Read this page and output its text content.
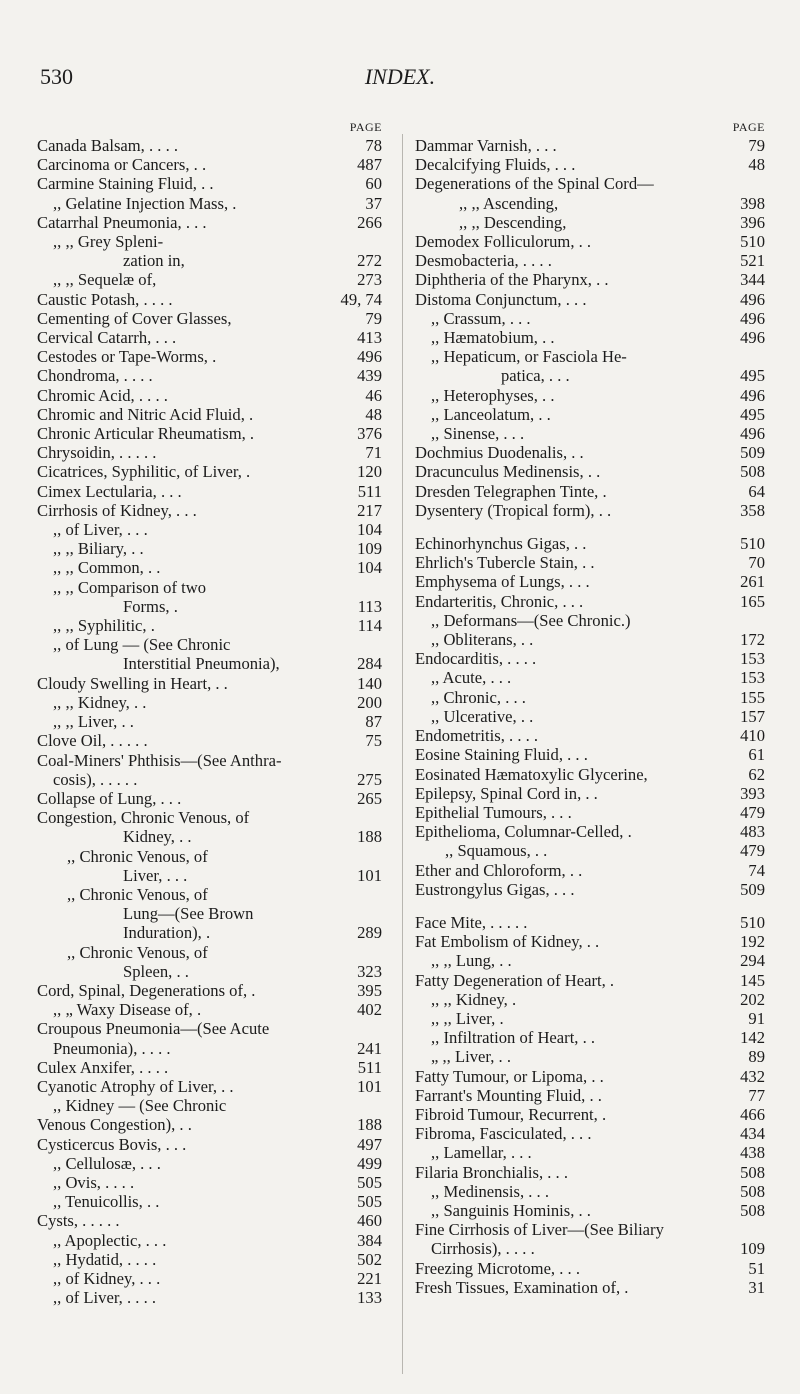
530	INDEX.
PAGE
Canada Balsam, . . . .	78
Carcinoma or Cancers, . .	487
Carmine Staining Fluid, . .	60
,, Gelatine Injection Mass, .	37
Catarrhal Pneumonia, . . .	266
,, ,, Grey Spleni-
zation in,	272
,, ,, Sequelæ of,	273
Caustic Potash, . . . .	49, 74
Cementing of Cover Glasses,	79
Cervical Catarrh, . . .	413
Cestodes or Tape-Worms, .	496
Chondroma, . . . .	439
Chromic Acid, . . . .	46
Chromic and Nitric Acid Fluid, .	48
Chronic Articular Rheumatism, .	376
Chrysoidin, . . . . .	71
Cicatrices, Syphilitic, of Liver, .	120
Cimex Lectularia, . . .	511
Cirrhosis of Kidney, . . .	217
,, of Liver, . . .	104
,, ,, Biliary, . .	109
,, ,, Common, . .	104
,, ,, Comparison of two
Forms, .	113
,, ,, Syphilitic, .	114
,, of Lung — (See Chronic
Interstitial Pneumonia),	284
Cloudy Swelling in Heart, . .	140
,, ,, Kidney, . .	200
,, ,, Liver, . .	87
Clove Oil, . . . . .	75
Coal-Miners' Phthisis—(See Anthra-
cosis), . . . . .	275
Collapse of Lung, . . .	265
Congestion, Chronic Venous, of
Kidney, . .	188
,, Chronic Venous, of
Liver, . . .	101
,, Chronic Venous, of
Lung—(See Brown
Induration), .	289
,, Chronic Venous, of
Spleen, . .	323
Cord, Spinal, Degenerations of, .	395
,, „ Waxy Disease of, .	402
Croupous Pneumonia—(See Acute
Pneumonia), . . . .	241
Culex Anxifer, . . . .	511
Cyanotic Atrophy of Liver, . .	101
,, Kidney — (See Chronic
Venous Congestion), . .	188
Cysticercus Bovis, . . .	497
,, Cellulosæ, . . .	499
,, Ovis, . . . .	505
,, Tenuicollis, . .	505
Cysts, . . . . .	460
,, Apoplectic, . . .	384
,, Hydatid, . . . .	502
,, of Kidney, . . .	221
,, of Liver, . . . .	133
PAGE
Dammar Varnish, . . .	79
Decalcifying Fluids, . . .	48
Degenerations of the Spinal Cord—
,, ,, Ascending,	398
,, ,, Descending,	396
Demodex Folliculorum, . .	510
Desmobacteria, . . . .	521
Diphtheria of the Pharynx, . .	344
Distoma Conjunctum, . . .	496
,, Crassum, . . .	496
,, Hæmatobium, . .	496
,, Hepaticum, or Fasciola He-
patica, . . .	495
,, Heterophyses, . .	496
,, Lanceolatum, . .	495
,, Sinense, . . .	496
Dochmius Duodenalis, . .	509
Dracunculus Medinensis, . .	508
Dresden Telegraphen Tinte, .	64
Dysentery (Tropical form), . .	358
Echinorhynchus Gigas, . .	510
Ehrlich's Tubercle Stain, . .	70
Emphysema of Lungs, . . .	261
Endarteritis, Chronic, . . .	165
,, Deformans—(See Chronic.)
,, Obliterans, . .	172
Endocarditis, . . . .	153
,, Acute, . . .	153
,, Chronic, . . .	155
,, Ulcerative, . .	157
Endometritis, . . . .	410
Eosine Staining Fluid, . . .	61
Eosinated Hæmatoxylic Glycerine,	62
Epilepsy, Spinal Cord in, . .	393
Epithelial Tumours, . . .	479
Epithelioma, Columnar-Celled, .	483
,, Squamous, . .	479
Ether and Chloroform, . .	74
Eustrongylus Gigas, . . .	509
Face Mite, . . . . .	510
Fat Embolism of Kidney, . .	192
,, ,, Lung, . .	294
Fatty Degeneration of Heart, .	145
,, ,, Kidney, .	202
,, ,, Liver, .	91
,, Infiltration of Heart, . .	142
„ ,, Liver, . .	89
Fatty Tumour, or Lipoma, . .	432
Farrant's Mounting Fluid, . .	77
Fibroid Tumour, Recurrent, .	466
Fibroma, Fasciculated, . . .	434
,, Lamellar, . . .	438
Filaria Bronchialis, . . .	508
,, Medinensis, . . .	508
,, Sanguinis Hominis, . .	508
Fine Cirrhosis of Liver—(See Biliary
Cirrhosis), . . . .	109
Freezing Microtome, . . .	51
Fresh Tissues, Examination of, .	31
